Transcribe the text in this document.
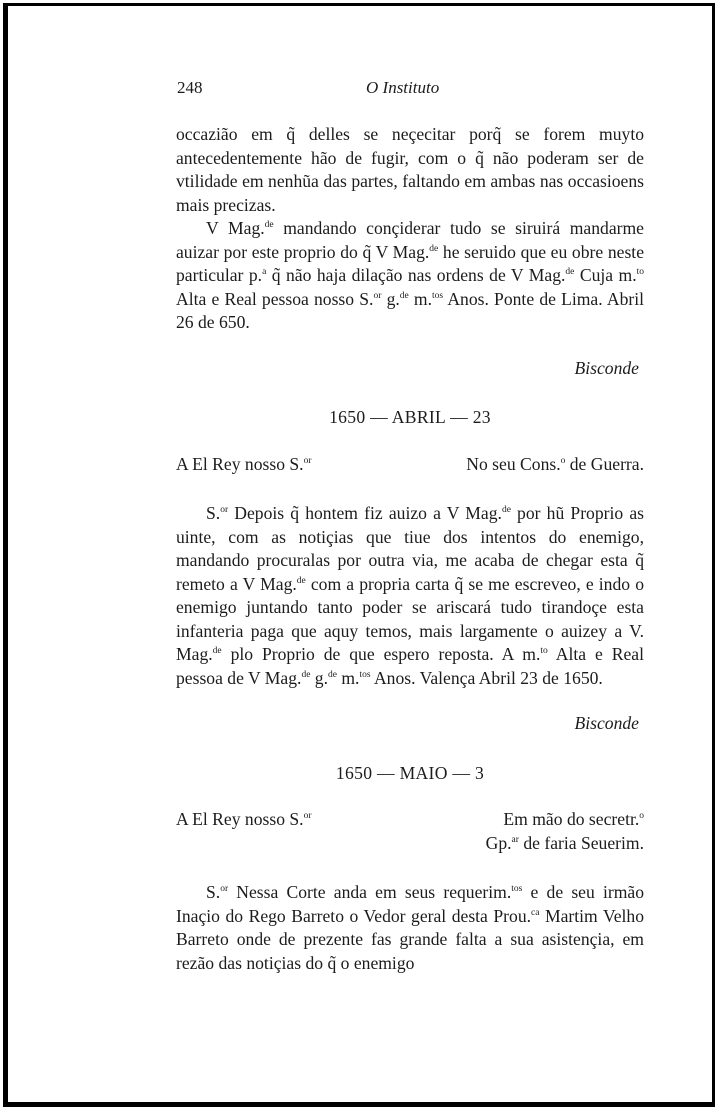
248	O Instituto

occazião em q̃ delles se neçecitar porq̃ se forem muyto antecedentemente hão de fugir, com o q̃ não poderam ser de vtilidade em nenhũa das partes, faltando em ambas nas occasioens mais precizas.

V Mag.$^{de}$ mandando conçiderar tudo se siruirá mandarme auizar por este proprio do q̃ V Mag.$^{de}$ he seruido que eu obre neste particular p.$^a$ q̃ não haja dilação nas ordens de V Mag.$^{de}$ Cuja m.$^{to}$ Alta e Real pessoa nosso S.$^{or}$ g.$^{de}$ m.$^{tos}$ Anos. Ponte de Lima. Abril 26 de 650.

Bisconde

1650 — ABRIL — 23

A El Rey nosso S.$^{or}$	No seu Cons.$^o$ de Guerra.

S.$^{or}$ Depois q̃ hontem fiz auizo a V Mag.$^{de}$ por hũ Proprio as uinte, com as notiçias que tiue dos intentos do enemigo, mandando procuralas por outra via, me acaba de chegar esta q̃ remeto a V Mag.$^{de}$ com a propria carta q̃ se me escreveo, e indo o enemigo juntando tanto poder se ariscará tudo tirandoçe esta infanteria paga que aquy temos, mais largamente o auizey a V. Mag.$^{de}$ plo Proprio de que espero reposta. A m.$^{to}$ Alta e Real pessoa de V Mag.$^{de}$ g.$^{de}$ m.$^{tos}$ Anos. Valença Abril 23 de 1650.

Bisconde

1650 — MAIO — 3

A El Rey nosso S.$^{or}$	Em mão do secretr.$^o$
Gp.$^{ar}$ de faria Seuerim.

S.$^{or}$ Nessa Corte anda em seus requerim.$^{tos}$ e de seu irmão Inaçio do Rego Barreto o Vedor geral desta Prou.$^{ca}$ Martim Velho Barreto onde de prezente fas grande falta a sua asistençia, em rezão das notiçias do q̃ o enemigo
